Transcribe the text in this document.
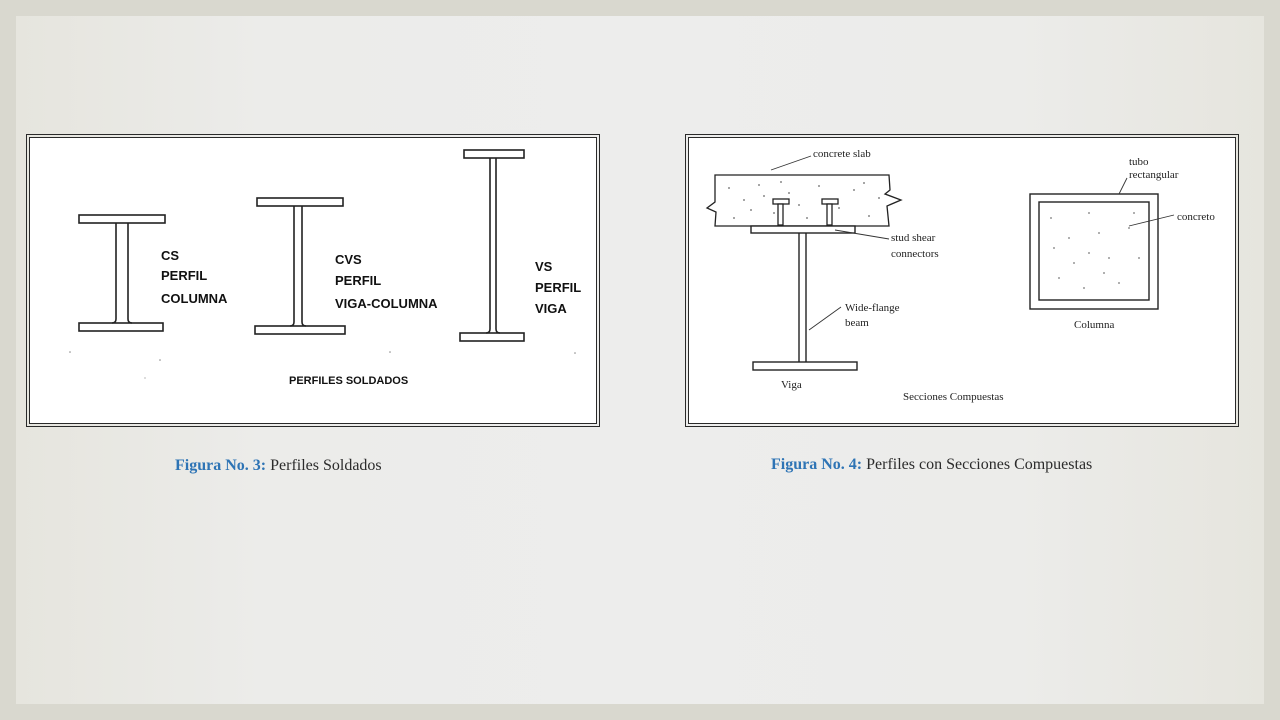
CS
PERFIL
COLUMNA
CVS
PERFIL
VIGA-COLUMNA
VS
PERFIL
VIGA
PERFILES SOLDADOS
concrete slab
stud shear
connectors
Wide-flange
beam
Viga
tubo
rectangular
concreto
Columna
Secciones Compuestas
Figura No. 3: Perfiles Soldados	Figura No. 4: Perfiles con Secciones Compuestas
